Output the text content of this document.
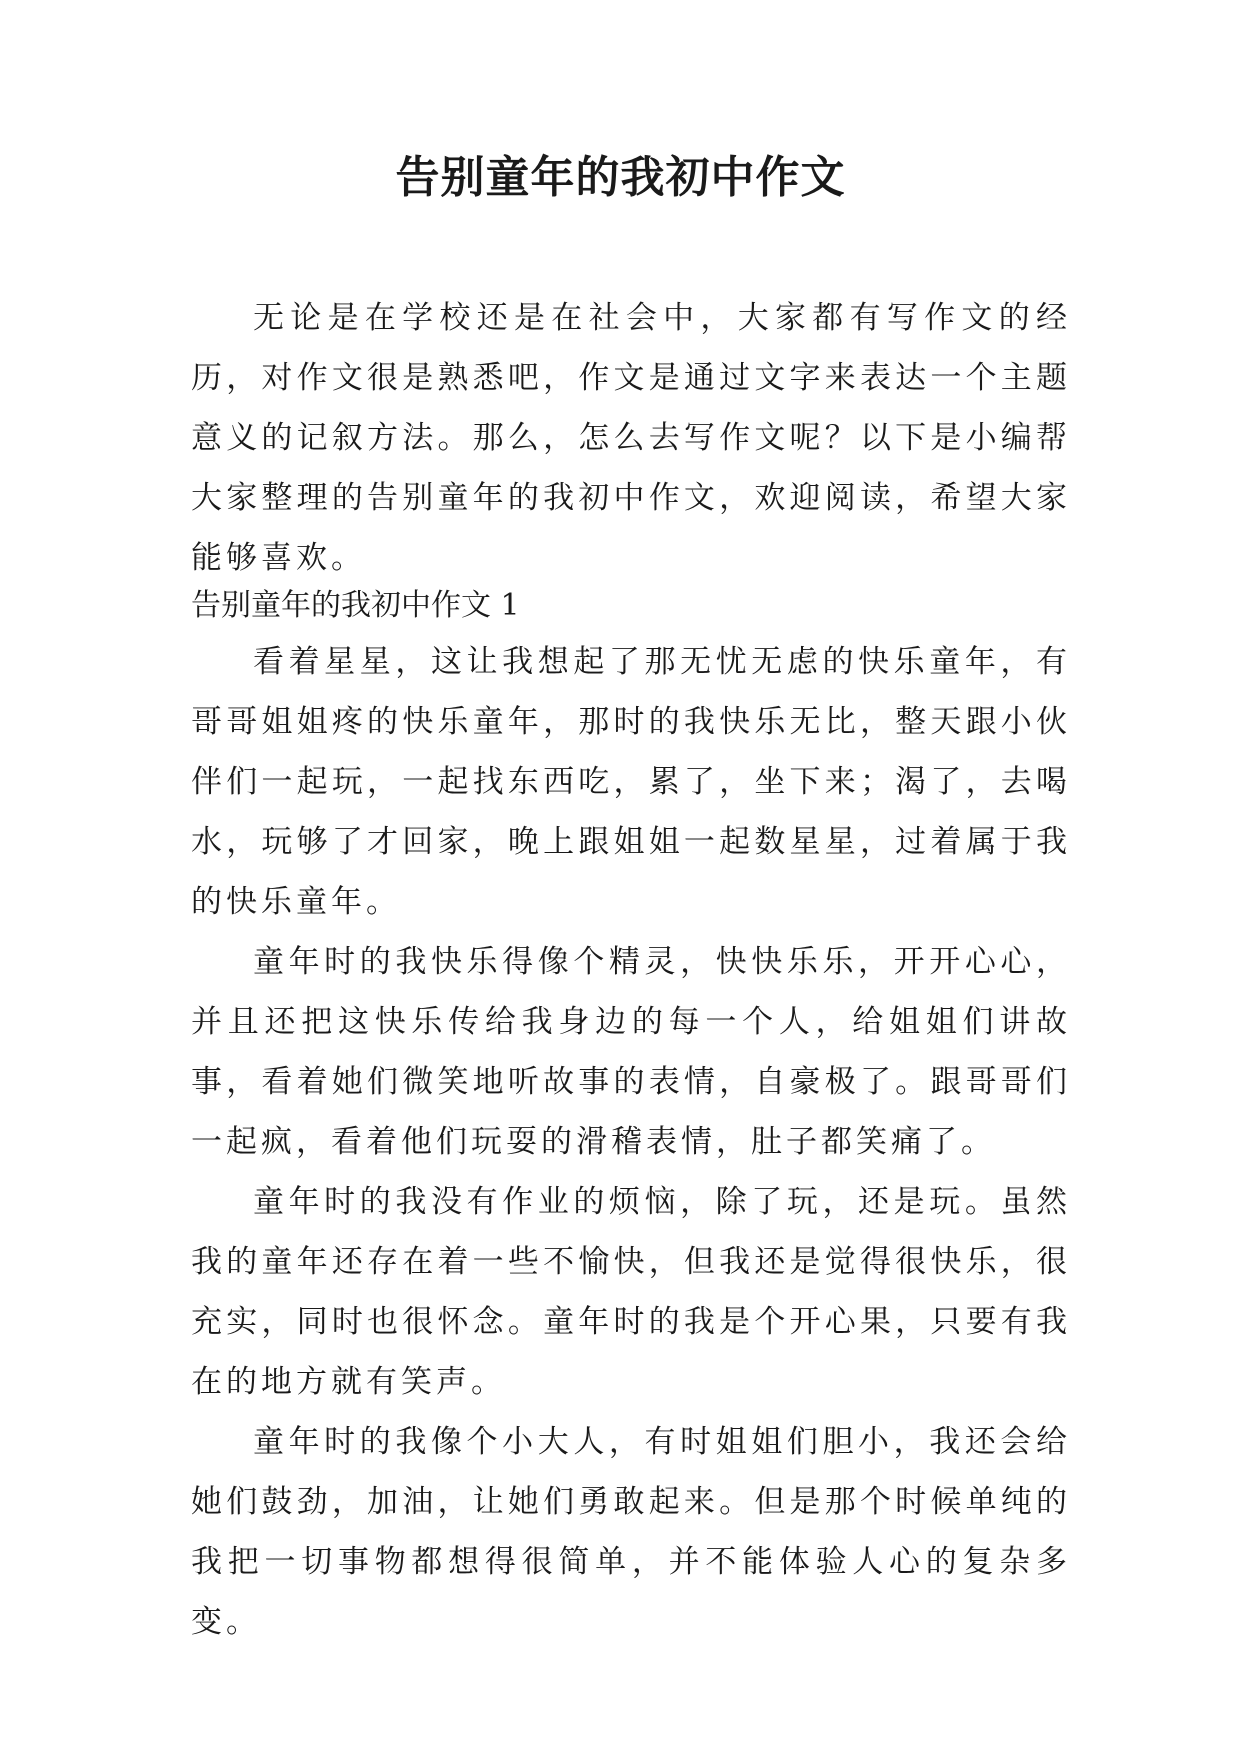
告别童年的我初中作文

无论是在学校还是在社会中，大家都有写作文的经历，对作文很是熟悉吧，作文是通过文字来表达一个主题意义的记叙方法。那么，怎么去写作文呢？以下是小编帮大家整理的告别童年的我初中作文，欢迎阅读，希望大家能够喜欢。

告别童年的我初中作文 1

看着星星，这让我想起了那无忧无虑的快乐童年，有哥哥姐姐疼的快乐童年，那时的我快乐无比，整天跟小伙伴们一起玩，一起找东西吃，累了，坐下来；渴了，去喝水，玩够了才回家，晚上跟姐姐一起数星星，过着属于我的快乐童年。

童年时的我快乐得像个精灵，快快乐乐，开开心心，并且还把这快乐传给我身边的每一个人，给姐姐们讲故事，看着她们微笑地听故事的表情，自豪极了。跟哥哥们一起疯，看着他们玩耍的滑稽表情，肚子都笑痛了。

童年时的我没有作业的烦恼，除了玩，还是玩。虽然我的童年还存在着一些不愉快，但我还是觉得很快乐，很充实，同时也很怀念。童年时的我是个开心果，只要有我在的地方就有笑声。

童年时的我像个小大人，有时姐姐们胆小，我还会给她们鼓劲，加油，让她们勇敢起来。但是那个时候单纯的我把一切事物都想得很简单，并不能体验人心的复杂多变。
